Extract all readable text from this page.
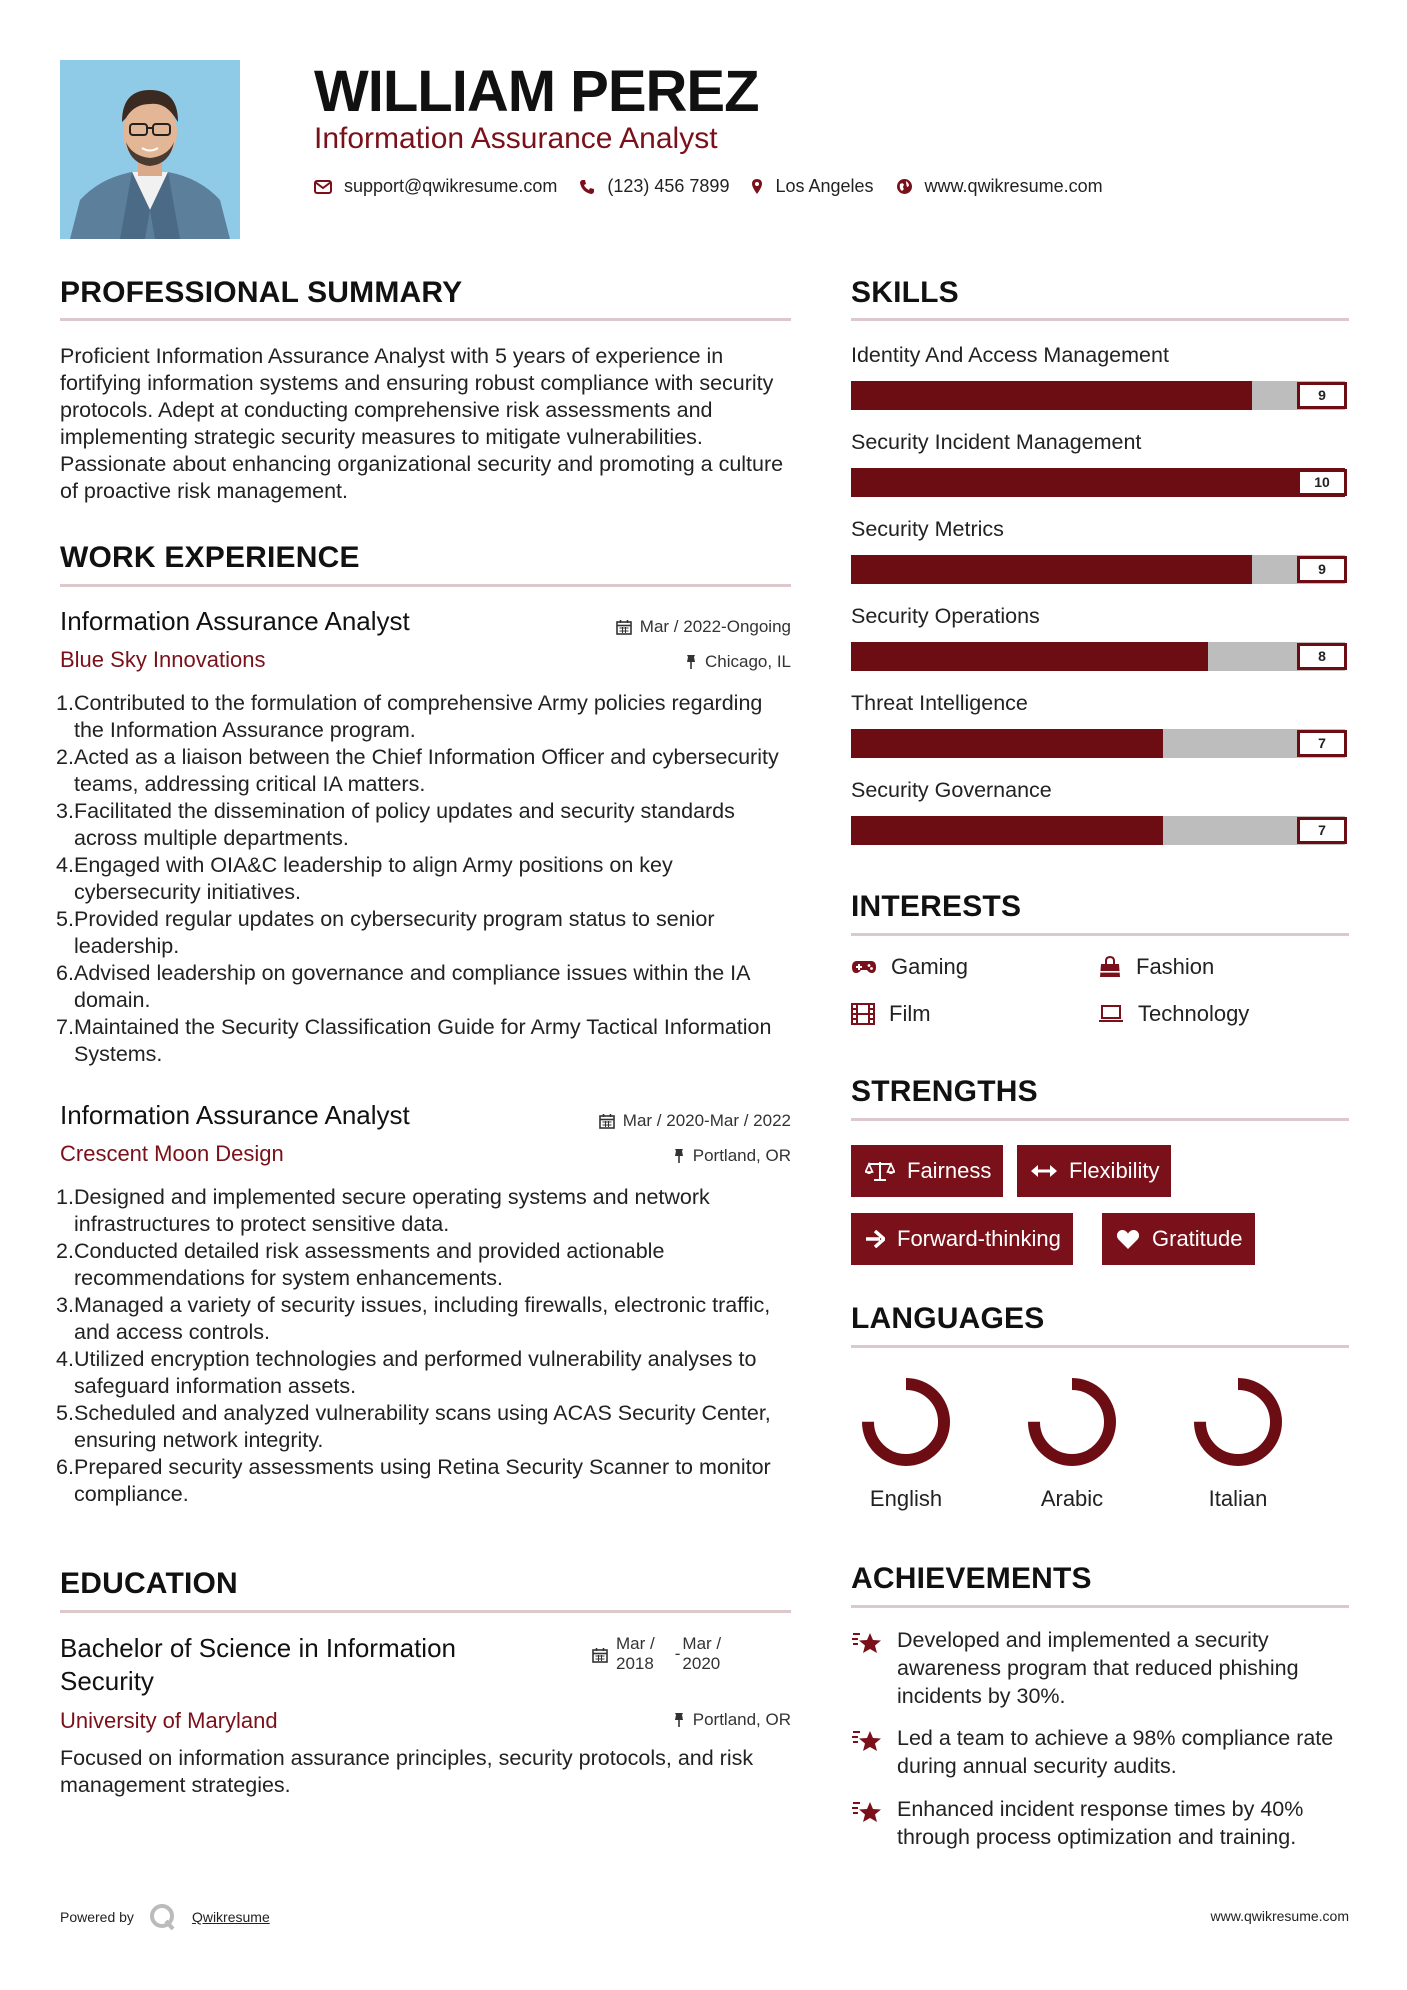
WILLIAM PEREZ
Information Assurance Analyst
support@qwikresume.com	(123) 456 7899	Los Angeles	www.qwikresume.com
PROFESSIONAL SUMMARY
Proficient Information Assurance Analyst with 5 years of experience in fortifying information systems and ensuring robust compliance with security protocols. Adept at conducting comprehensive risk assessments and implementing strategic security measures to mitigate vulnerabilities. Passionate about enhancing organizational security and promoting a culture of proactive risk management.
WORK EXPERIENCE
Information Assurance Analyst	Mar / 2022-Ongoing
Blue Sky Innovations	Chicago, IL
1. Contributed to the formulation of comprehensive Army policies regarding the Information Assurance program.
2. Acted as a liaison between the Chief Information Officer and cybersecurity teams, addressing critical IA matters.
3. Facilitated the dissemination of policy updates and security standards across multiple departments.
4. Engaged with OIA&C leadership to align Army positions on key cybersecurity initiatives.
5. Provided regular updates on cybersecurity program status to senior leadership.
6. Advised leadership on governance and compliance issues within the IA domain.
7. Maintained the Security Classification Guide for Army Tactical Information Systems.
Information Assurance Analyst	Mar / 2020-Mar / 2022
Crescent Moon Design	Portland, OR
1. Designed and implemented secure operating systems and network infrastructures to protect sensitive data.
2. Conducted detailed risk assessments and provided actionable recommendations for system enhancements.
3. Managed a variety of security issues, including firewalls, electronic traffic, and access controls.
4. Utilized encryption technologies and performed vulnerability analyses to safeguard information assets.
5. Scheduled and analyzed vulnerability scans using ACAS Security Center, ensuring network integrity.
6. Prepared security assessments using Retina Security Scanner to monitor compliance.
EDUCATION
Bachelor of Science in Information
Security
Mar /
2018
-
Mar /
2020
University of Maryland	Portland, OR
Focused on information assurance principles, security protocols, and risk management strategies.
SKILLS
Identity And Access Management
9
Security Incident Management
10
Security Metrics
9
Security Operations
8
Threat Intelligence
7
Security Governance
7
INTERESTS
Gaming	Fashion
Film	Technology
STRENGTHS
Fairness	Flexibility
Forward-thinking	Gratitude
LANGUAGES
English	Arabic	Italian
ACHIEVEMENTS
Developed and implemented a security awareness program that reduced phishing incidents by 30%.
Led a team to achieve a 98% compliance rate during annual security audits.
Enhanced incident response times by 40% through process optimization and training.
Powered by	Qwikresume	www.qwikresume.com
